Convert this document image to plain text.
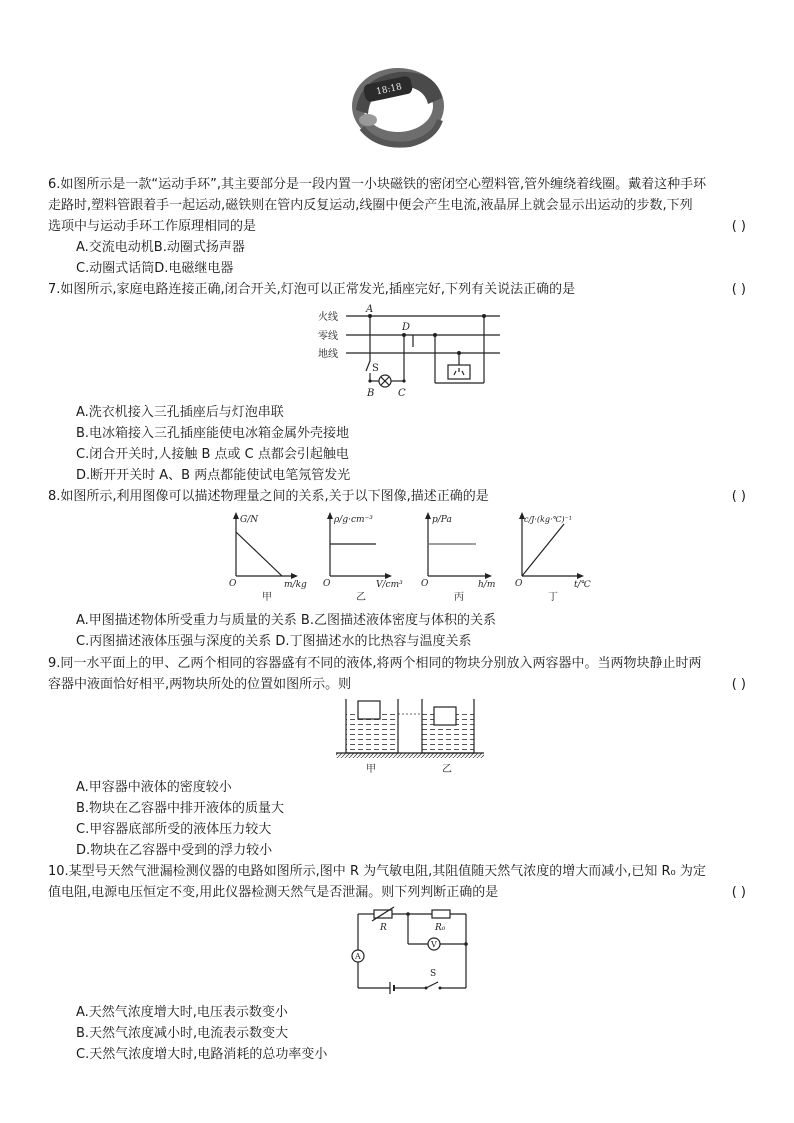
18:18
6.如图所示是一款“运动手环”,其主要部分是一段内置一小块磁铁的密闭空心塑料管,管外缠绕着线圈。戴着这种手环
走路时,塑料管跟着手一起运动,磁铁则在管内反复运动,线圈中便会产生电流,液晶屏上就会显示出运动的步数,下列
选项中与运动手环工作原理相同的是	( )
A.交流电动机B.动圈式扬声器
C.动圈式话筒D.电磁继电器
7.如图所示,家庭电路连接正确,闭合开关,灯泡可以正常发光,插座完好,下列有关说法正确的是	( )
火线
零线
地线
A
D
S
B C
A.洗衣机接入三孔插座后与灯泡串联
B.电冰箱接入三孔插座能使电冰箱金属外壳接地
C.闭合开关时,人接触 B 点或 C 点都会引起触电
D.断开开关时 A、B 两点都能使试电笔氖管发光
8.如图所示,利用图像可以描述物理量之间的关系,关于以下图像,描述正确的是	( )
G/N
O	m/kg
ρ/g·cm⁻³
O	V/cm³
p/Pa
O	h/m
c/J·(kg·℃)⁻¹
O	t/℃
甲	乙	丙	丁
A.甲图描述物体所受重力与质量的关系 B.乙图描述液体密度与体积的关系
C.丙图描述液体压强与深度的关系 D.丁图描述水的比热容与温度关系
9.同一水平面上的甲、乙两个相同的容器盛有不同的液体,将两个相同的物块分别放入两容器中。当两物块静止时两
容器中液面恰好相平,两物块所处的位置如图所示。则	( )
甲	乙
A.甲容器中液体的密度较小
B.物块在乙容器中排开液体的质量大
C.甲容器底部所受的液体压力较大
D.物块在乙容器中受到的浮力较小
10.某型号天然气泄漏检测仪器的电路如图所示,图中 R 为气敏电阻,其阻值随天然气浓度的增大而减小,已知 R₀ 为定
值电阻,电源电压恒定不变,用此仪器检测天然气是否泄漏。则下列判断正确的是	( )
R	R₀
V
A
S
A.天然气浓度增大时,电压表示数变小
B.天然气浓度减小时,电流表示数变大
C.天然气浓度增大时,电路消耗的总功率变小
